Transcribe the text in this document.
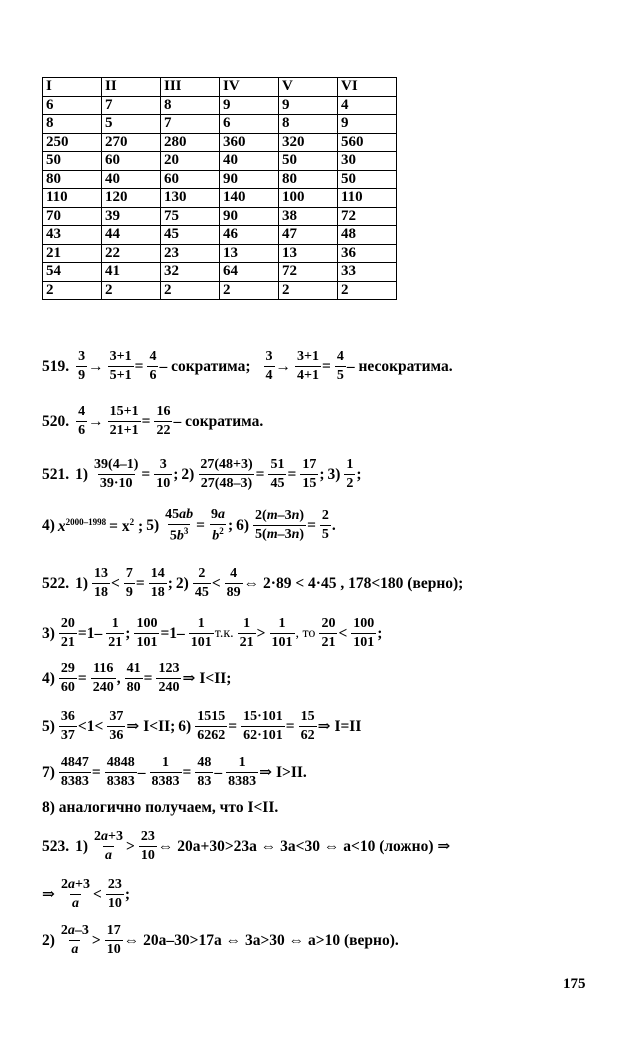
I	II	III	IV	V	VI
6	7	8	9	9	4
8	5	7	6	8	9
250	270	280	360	320	560
50	60	20	40	50	30
80	40	60	90	80	50
110	120	130	140	100	110
70	39	75	90	38	72
43	44	45	46	47	48
21	22	23	13	13	36
54	41	32	64	72	33
2	2	2	2	2	2
519.
3
9
→ $\frac{3+1}{5+1} = \frac{4}{6}$ – сократима;
3
4
→ $\frac{3+1}{4+1} = \frac{4}{5}$ – несократима.
520.
4
6
→ $\frac{15+1}{21+1} = \frac{16}{22}$ – сократима.
521. $1) \frac{39(4-1)}{39\cdot 10} = \frac{3}{10}$ ; $2) \frac{27(48+3)}{27(48-3)} = \frac{51}{45} = \frac{17}{15}$ ; 3)
1
2
;
4) $x^{2000-1998} = x^2$ ; $5) \frac{45ab}{5b^3} = \frac{9a}{b^2}$ ; $6) \frac{2(m-3n)}{5(m-3n)} = \frac{2}{5}$ .
522. 1)
13
18
< $\frac{7}{9} = \frac{14}{18}$ ; 2)
2
45
<
4
89
⇔ 2·89 < 4·45 , 178<180 (верно);
$3) \frac{20}{21} =1-$
1
21
; $\frac{100}{101} =1-$
1
101
т.к.
1
21
>
1
101
, то
20
21
<
100
101
;
$4) \frac{29}{60} = \frac{116}{240}$ , $\frac{41}{80} = \frac{123}{240}$ ⇒ I<II;
5)
36
37
<1<
37
36
⇒ I<II; $6) \frac{1515}{6262} = \frac{15\cdot 101}{62\cdot 101} = \frac{15}{62}$ ⇒ I=II
$7) \frac{4847}{8383} = \frac{4848}{8383} - \frac{1}{8383} = \frac{48}{83}$ –
1
8383
⇒ I>II.
8) аналогично получаем, что I<II.
523. 1)
2a+3
a
>
23
10
⇔ 20a+30>23a ⇔ 3a<30 ⇔ a<10 (ложно) ⇒
⇒
2a+3
a
<
23
10
;
2)
2a–3
a
>
17
10
⇔ 20a–30>17a ⇔ 3a>30 ⇔ a>10 (верно).
175
